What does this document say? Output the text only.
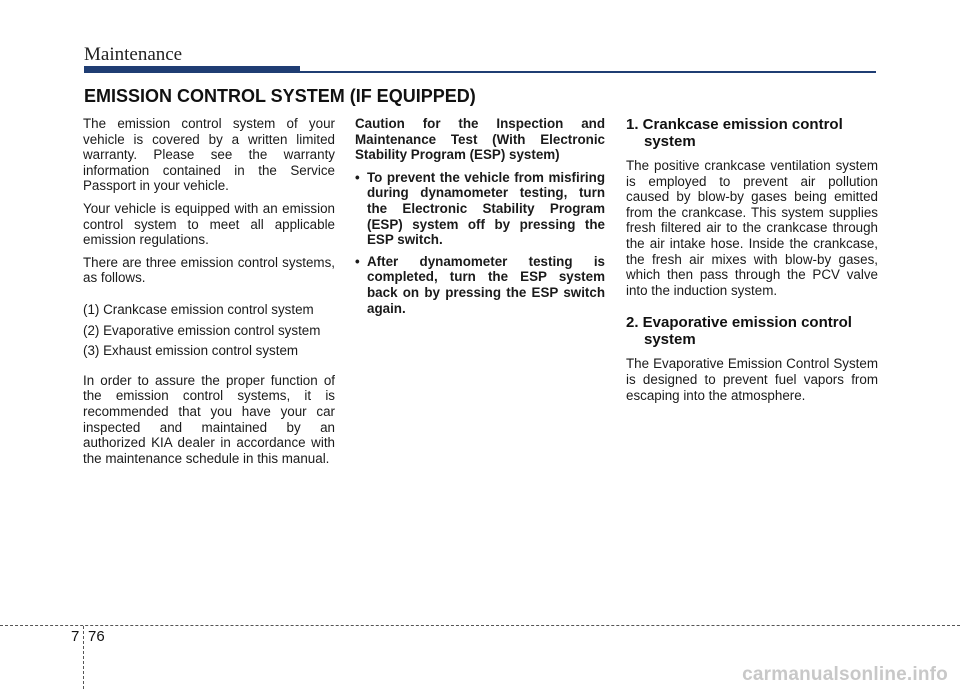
Maintenance
EMISSION CONTROL SYSTEM (IF EQUIPPED)

The emission control system of your vehicle is covered by a written limited warranty. Please see the warranty information contained in the Service Passport in your vehicle.

Your vehicle is equipped with an emission control system to meet all applicable emission regulations.

There are three emission control systems, as follows.

(1) Crankcase emission control system

(2) Evaporative emission control system

(3) Exhaust emission control system

In order to assure the proper function of the emission control systems, it is recommended that you have your car inspected and maintained by an authorized KIA dealer in accordance with the maintenance schedule in this manual.

Caution for the Inspection and Maintenance Test (With Electronic Stability Program (ESP) system)

• To prevent the vehicle from misfiring during dynamometer testing, turn the Electronic Stability Program (ESP) system off by pressing the ESP switch.
• After dynamometer testing is completed, turn the ESP system back on by pressing the ESP switch again.
1. Crankcase emission control system

The positive crankcase ventilation system is employed to prevent air pollution caused by blow-by gases being emitted from the crankcase. This system supplies fresh filtered air to the crankcase through the air intake hose. Inside the crankcase, the fresh air mixes with blow-by gases, which then pass through the PCV valve into the induction system.

2. Evaporative emission control system

The Evaporative Emission Control System is designed to prevent fuel vapors from escaping into the atmosphere.

7 76
carmanualsonline.info
